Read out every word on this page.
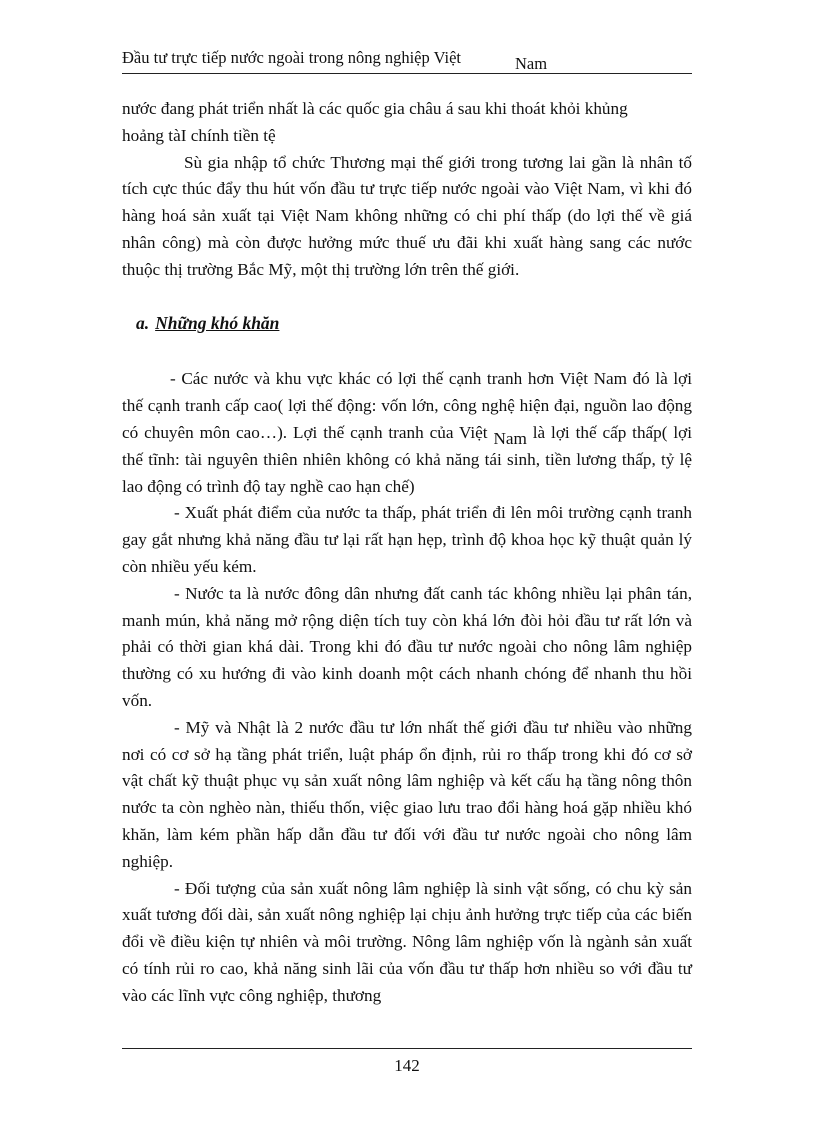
Đầu tư trực tiếp nước ngoài trong nông nghiệp Việt	Nam

nước đang phát triển nhất là các quốc gia châu á sau khi thoát khỏi khủng

hoảng tàI chính tiền tệ

Sù gia nhập tổ chức Thương mại thế giới trong tương lai gần là nhân tố tích cực thúc đẩy thu hút vốn đầu tư trực tiếp nước ngoài vào Việt Nam, vì khi đó hàng hoá sản xuất tại Việt Nam không những có chi phí thấp (do lợi thế về giá nhân công) mà còn được hưởng mức thuế ưu đãi khi xuất hàng sang các nước thuộc thị trường Bắc Mỹ, một thị trường lớn trên thế giới.

a. Những khó khăn

- Các nước và khu vực khác có lợi thế cạnh tranh hơn Việt Nam đó là lợi thế cạnh tranh cấp cao( lợi thế động: vốn lớn, công nghệ hiện đại, nguồn lao động có chuyên môn cao…). Lợi thế cạnh tranh của Việt Nam là lợi thế cấp thấp( lợi thế tĩnh: tài nguyên thiên nhiên không có khả năng tái sinh, tiền lương thấp, tỷ lệ lao động có trình độ tay nghề cao hạn chế)

- Xuất phát điểm của nước ta thấp, phát triển đi lên môi trường cạnh tranh gay gắt nhưng khả năng đầu tư lại rất hạn hẹp, trình độ khoa học kỹ thuật quản lý còn nhiều yếu kém.

- Nước ta là nước đông dân nhưng đất canh tác không nhiều lại phân tán, manh mún, khả năng mở rộng diện tích tuy còn khá lớn đòi hỏi đầu tư rất lớn và phải có thời gian khá dài. Trong khi đó đầu tư nước ngoài cho nông lâm nghiệp thường có xu hướng đi vào kinh doanh một cách nhanh chóng để nhanh thu hồi vốn.

- Mỹ và Nhật là 2 nước đầu tư lớn nhất thế giới đầu tư nhiều vào những nơi có cơ sở hạ tầng phát triển, luật pháp ổn định, rủi ro thấp trong khi đó cơ sở vật chất kỹ thuật phục vụ sản xuất nông lâm nghiệp và kết cấu hạ tầng nông thôn nước ta còn nghèo nàn, thiếu thốn, việc giao lưu trao đổi hàng hoá gặp nhiều khó khăn, làm kém phần hấp dẫn đầu tư đối với đầu tư nước ngoài cho nông lâm nghiệp.

- Đối tượng của sản xuất nông lâm nghiệp là sinh vật sống, có chu kỳ sản xuất tương đối dài, sản xuất nông nghiệp lại chịu ảnh hưởng trực tiếp của các biến đổi về điều kiện tự nhiên và môi trường. Nông lâm nghiệp vốn là ngành sản xuất có tính rủi ro cao, khả năng sinh lãi của vốn đầu tư thấp hơn nhiều so với đầu tư vào các lĩnh vực công nghiệp, thương

142
